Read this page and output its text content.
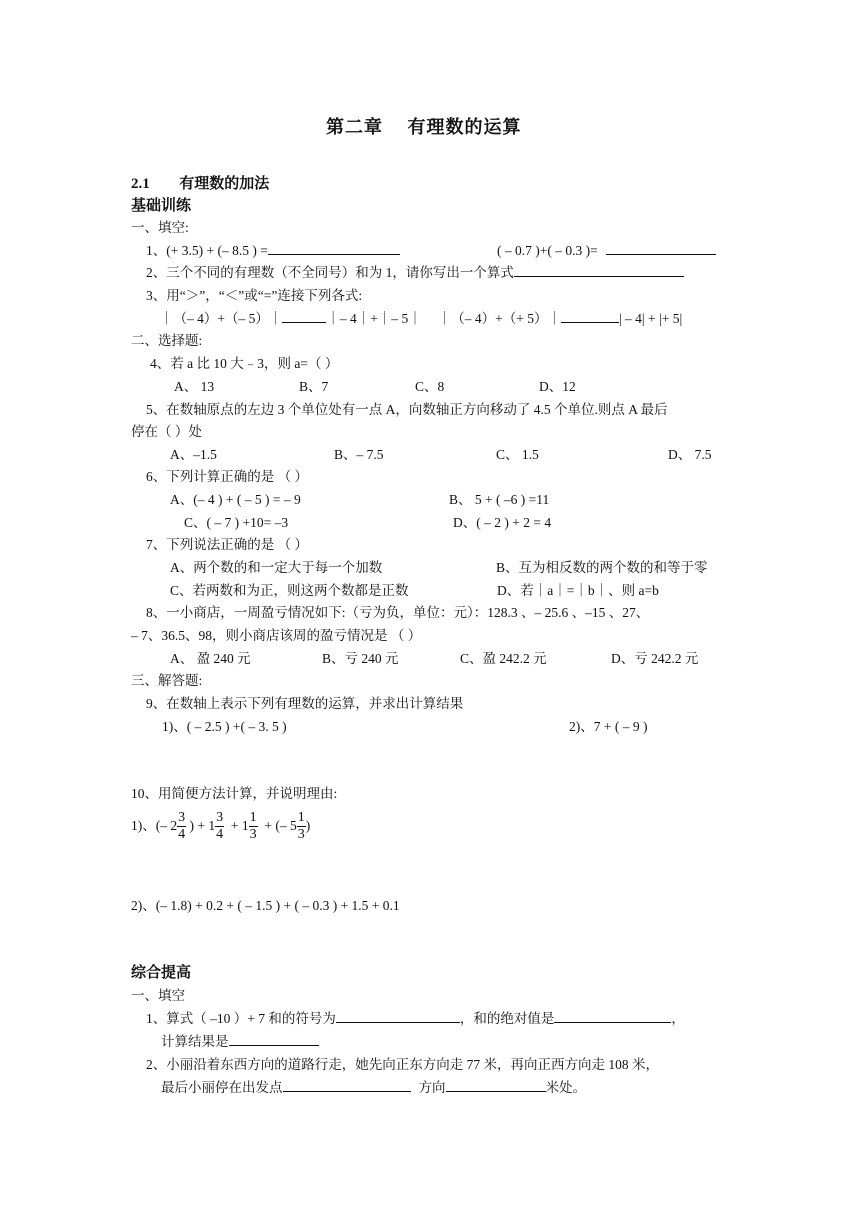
第二章　 有理数的运算
2.1 有理数的加法
基础训练
一、填空:
1、(+ 3.5) + (– 8.5 ) =	( – 0.7 )+( – 0.3 )=
2、三个不同的有理数（不全同号）和为 1，请你写出一个算式
3、用“＞”，“＜”或“=”连接下列各式:
｜（– 4）+（– 5）｜	｜– 4｜+｜– 5｜ ｜（– 4）+（+ 5）｜	| – 4| + |+ 5|
二、选择题:
4、若 a 比 10 大﹣3，则 a=（ ）
A、 13	B、7	C、8	D、12
5、在数轴原点的左边 3 个单位处有一点 A，向数轴正方向移动了 4.5 个单位.则点 A 最后
停在（ ）处
A、–1.5	B、– 7.5	C、 1.5	D、 7.5
6、下列计算正确的是 （ ）
A、(– 4 ) + ( – 5 ) = – 9	B、 5 + ( –6 ) =11
C、( – 7 ) +10= –3	D、( – 2 ) + 2 = 4
7、下列说法正确的是 （ ）
A、两个数的和一定大于每一个加数	B、互为相反数的两个数的和等于零
C、若两数和为正，则这两个数都是正数	D、若｜a｜=｜b｜、则 a=b
8、一小商店，一周盈亏情况如下:（亏为负，单位：元）：128.3 、– 25.6 、–15 、27、
– 7、36.5、98，则小商店该周的盈亏情况是 （ ）
A、 盈 240 元	B、亏 240 元	C、盈 242.2 元	D、亏 242.2 元
三、解答题:
9、在数轴上表示下列有理数的运算，并求出计算结果
1)、( – 2.5 ) +( – 3. 5 )	2)、7 + ( – 9 )
10、用简便方法计算，并说明理由:
1)、(– $2 \frac{3}{4}$ ) + $1 \frac{3}{4} + 1 \frac{1}{3}$ + (– $5 \frac{1}{3}$ )
2)、(– 1.8) + 0.2 + ( – 1.5 ) + ( – 0.3 ) + 1.5 + 0.1
综合提高
一、填空
1、算式（ –10 ）+ 7 和的符号为	，和的绝对值是	，
计算结果是
2、小丽沿着东西方向的道路行走，她先向正东方向走 77 米，再向正西方向走 108 米，
最后小丽停在出发点	方向	米处。
